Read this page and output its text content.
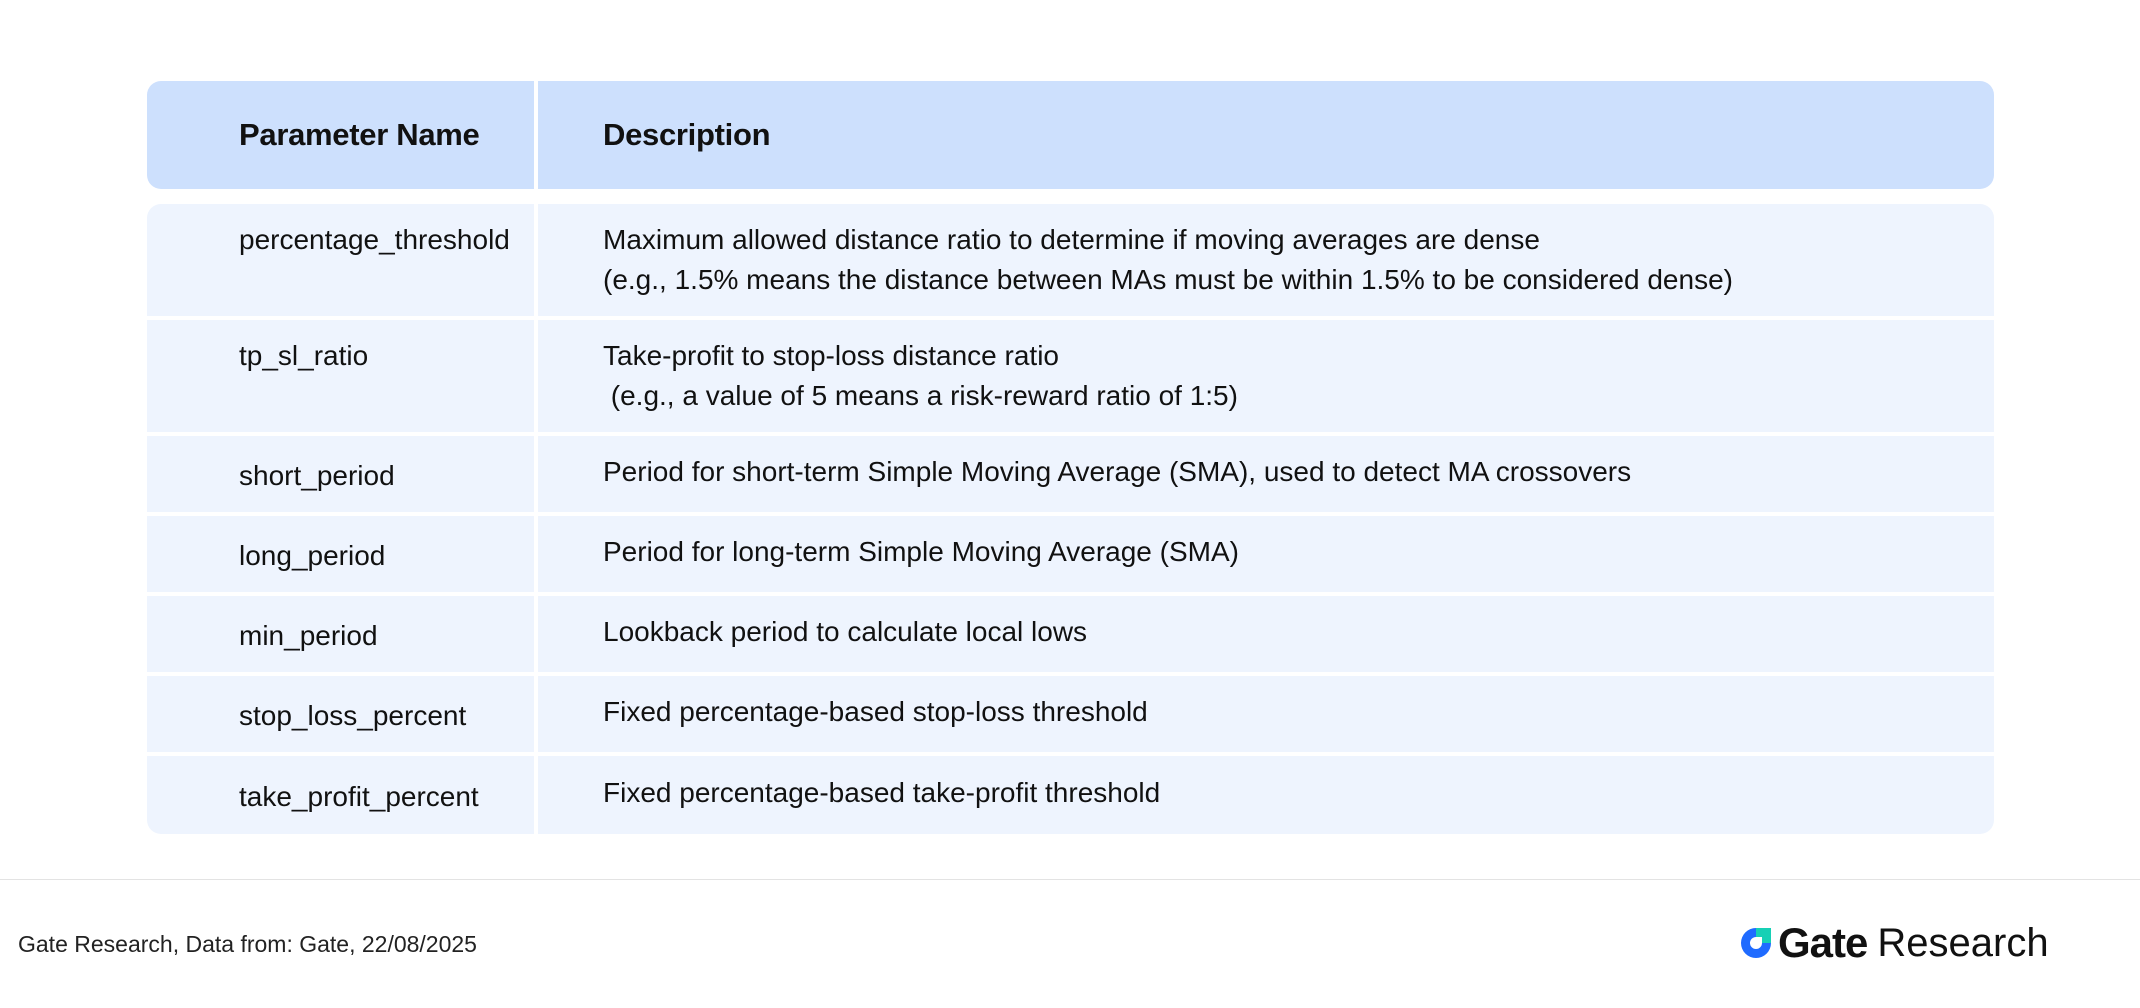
Parameter Name	Description
percentage_threshold	Maximum allowed distance ratio to determine if moving averages are dense
(e.g., 1.5% means the distance between MAs must be within 1.5% to be considered dense)
tp_sl_ratio	Take-profit to stop-loss distance ratio
(e.g., a value of 5 means a risk-reward ratio of 1:5)
short_period	Period for short-term Simple Moving Average (SMA), used to detect MA crossovers
long_period	Period for long-term Simple Moving Average (SMA)
min_period	Lookback period to calculate local lows
stop_loss_percent	Fixed percentage-based stop-loss threshold
take_profit_percent	Fixed percentage-based take-profit threshold
Gate Research, Data from: Gate, 22/08/2025	Gate Research
